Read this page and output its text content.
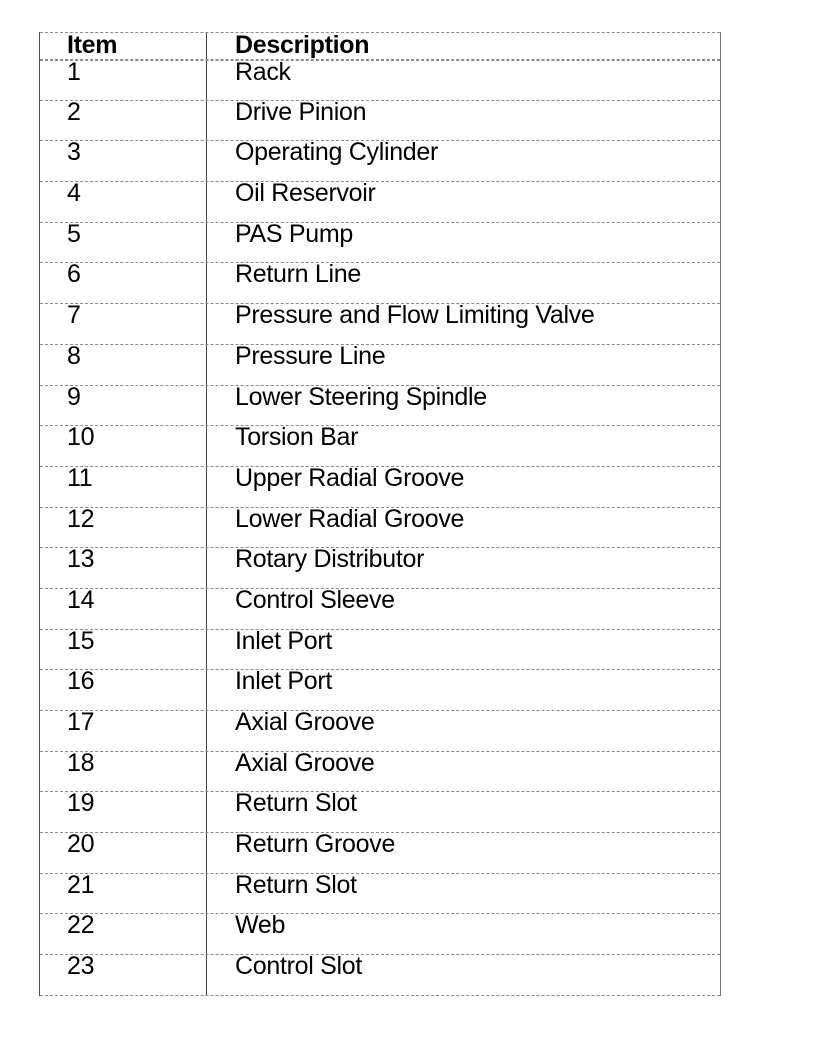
Item	Description
1	Rack
2	Drive Pinion
3	Operating Cylinder
4	Oil Reservoir
5	PAS Pump
6	Return Line
7	Pressure and Flow Limiting Valve
8	Pressure Line
9	Lower Steering Spindle
10	Torsion Bar
11	Upper Radial Groove
12	Lower Radial Groove
13	Rotary Distributor
14	Control Sleeve
15	Inlet Port
16	Inlet Port
17	Axial Groove
18	Axial Groove
19	Return Slot
20	Return Groove
21	Return Slot
22	Web
23	Control Slot
